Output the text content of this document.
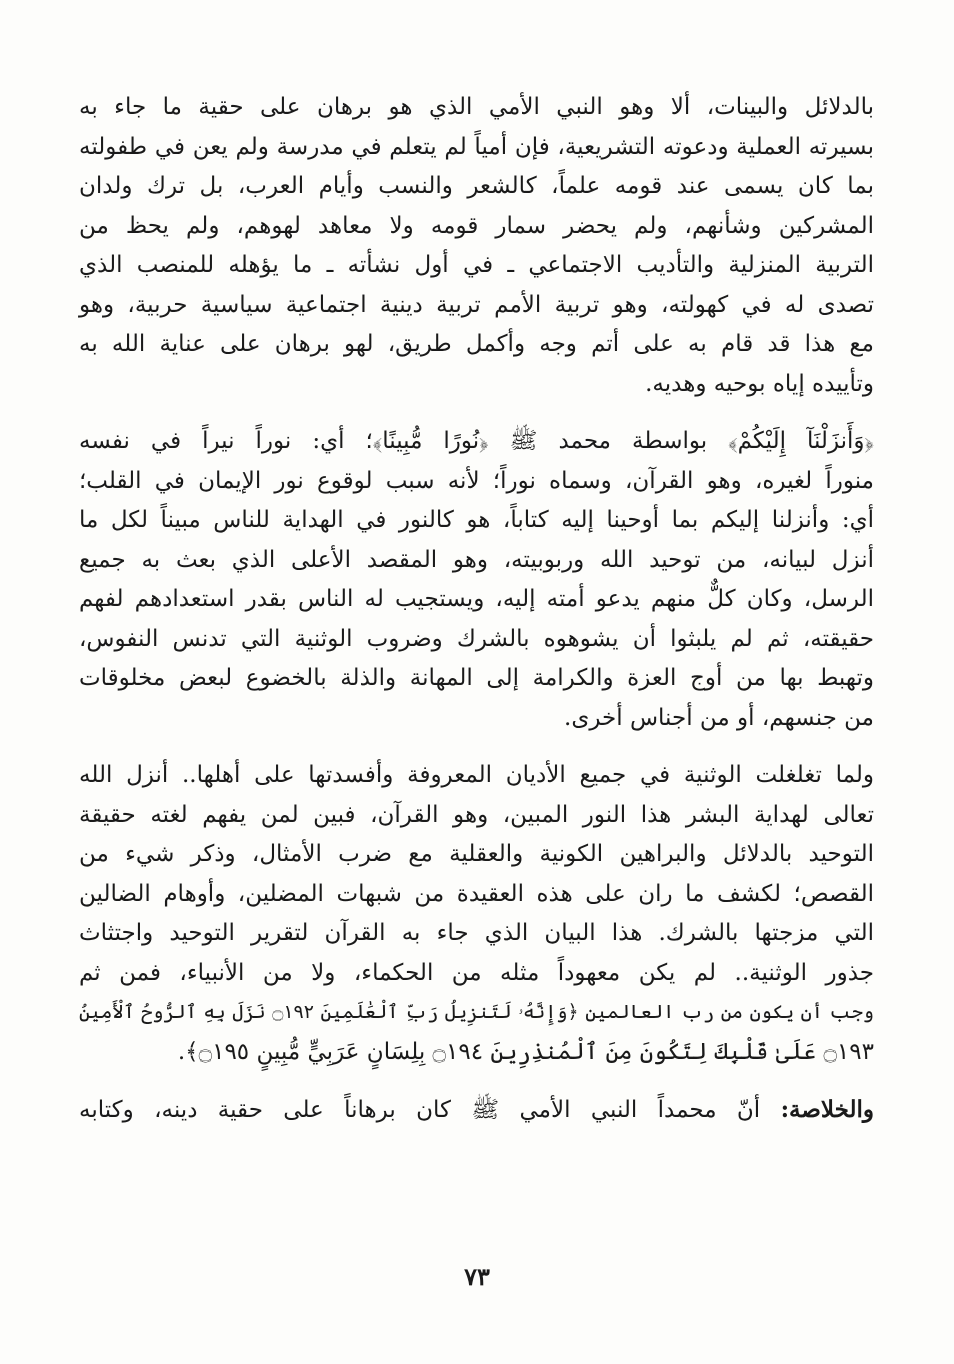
بالدلائل والبينات، ألا وهو النبي الأمي الذي هو برهان على حقية ما جاء به
بسيرته العملية ودعوته التشريعية، فإن أمياً لم يتعلم في مدرسة ولم يعن في طفولته
بما كان يسمى عند قومه علماً، كالشعر والنسب وأيام العرب، بل ترك ولدان
المشركين وشأنهم، ولم يحضر سمار قومه ولا معاهد لهوهم، ولم يحظ من
التربية المنزلية والتأديب الاجتماعي ـ في أول نشأته ـ ما يؤهله للمنصب الذي
تصدى له في كهولته، وهو تربية الأمم تربية دينية اجتماعية سياسية حربية، وهو
مع هذا قد قام به على أتم وجه وأكمل طريق، لهو برهان على عناية الله به
وتأييده إياه بوحيه وهديه.
﴿وَأَنزَلْنَآ إِلَيْكُمْ﴾ بواسطة محمد ﷺ ﴿نُورًا مُّبِينًا﴾؛ أي: نوراً نيراً في نفسه
منوراً لغيره، وهو القرآن، وسماه نوراً؛ لأنه سبب لوقوع نور الإيمان في القلب؛
أي: وأنزلنا إليكم بما أوحينا إليه كتاباً، هو كالنور في الهداية للناس مبيناً لكل ما
أنزل لبيانه، من توحيد الله وربوبيته، وهو المقصد الأعلى الذي بعث به جميع
الرسل، وكان كلٌّ منهم يدعو أمته إليه، ويستجيب له الناس بقدر استعدادهم لفهم
حقيقته، ثم لم يلبثوا أن يشوهوه بالشرك وضروب الوثنية التي تدنس النفوس،
وتهبط بها من أوج العزة والكرامة إلى المهانة والذلة بالخضوع لبعض مخلوقات
من جنسهم، أو من أجناس أخرى.
ولما تغلغلت الوثنية في جميع الأديان المعروفة وأفسدتها على أهلها.. أنزل الله
تعالى لهداية البشر هذا النور المبين، وهو القرآن، فبين لمن يفهم لغته حقيقة
التوحيد بالدلائل والبراهين الكونية والعقلية مع ضرب الأمثال، وذكر شيء من
القصص؛ لكشف ما ران على هذه العقيدة من شبهات المضلين، وأوهام الضالين
التي مزجتها بالشرك. هذا البيان الذي جاء به القرآن لتقرير التوحيد واجتثاث
جذور الوثنية.. لم يكن معهوداً مثله من الحكماء، ولا من الأنبياء، فمن ثم
وجب أن يكون من رب العالمين ﴿وَإِنَّهُۥ لَتَنزِيلُ رَبِّ ٱلْعَٰلَمِينَ ۝١٩٢ نَزَلَ بِهِ ٱلرُّوحُ ٱلْأَمِينُ
۝١٩٣ عَلَىٰ قَلْبِكَ لِتَكُونَ مِنَ ٱلْمُنذِرِينَ ۝١٩٤ بِلِسَانٍ عَرَبِيٍّ مُّبِينٍ ۝١٩٥﴾.
والخلاصة: أنّ محمداً النبي الأمي ﷺ كان برهاناً على حقية دينه، وكتابه
٧٣
